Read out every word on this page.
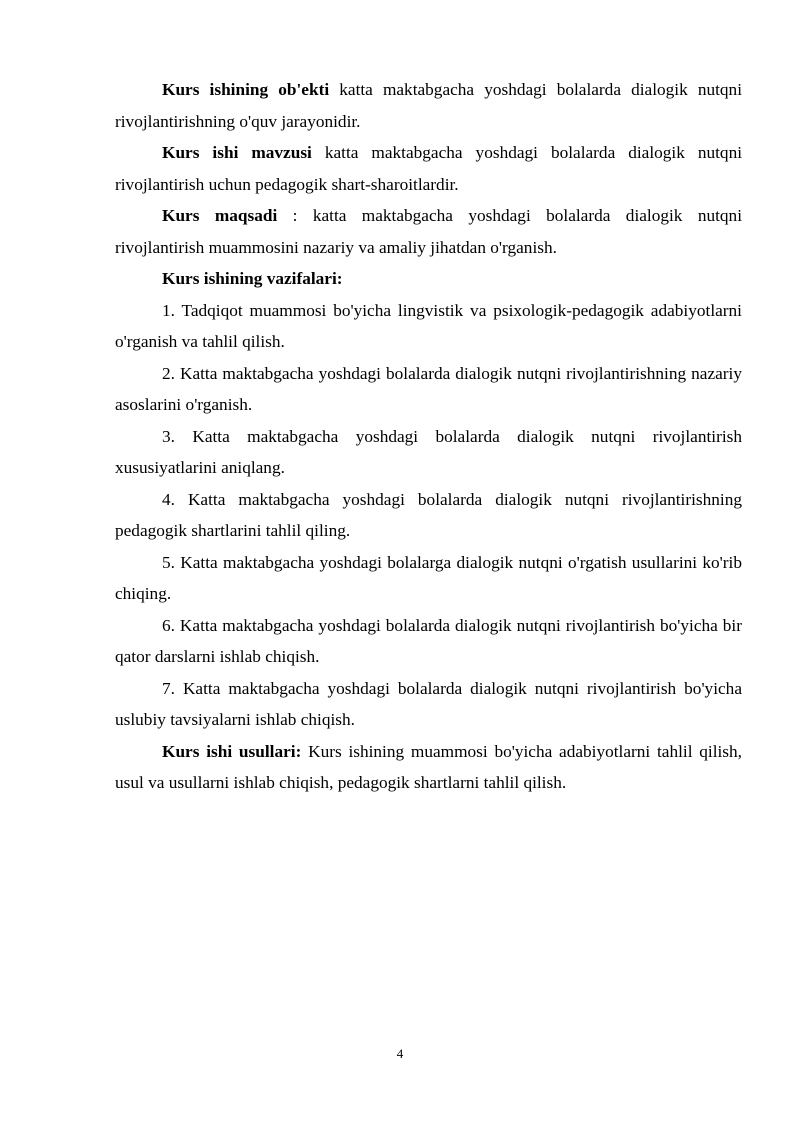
Kurs ishining ob'ekti katta maktabgacha yoshdagi bolalarda dialogik nutqni rivojlantirishning o'quv jarayonidir.

Kurs ishi mavzusi katta maktabgacha yoshdagi bolalarda dialogik nutqni rivojlantirish uchun pedagogik shart-sharoitlardir.

Kurs maqsadi : katta maktabgacha yoshdagi bolalarda dialogik nutqni rivojlantirish muammosini nazariy va amaliy jihatdan o'rganish.

Kurs ishining vazifalari:

1. Tadqiqot muammosi bo'yicha lingvistik va psixologik-pedagogik adabiyotlarni o'rganish va tahlil qilish.

2. Katta maktabgacha yoshdagi bolalarda dialogik nutqni rivojlantirishning nazariy asoslarini o'rganish.

3. Katta maktabgacha yoshdagi bolalarda dialogik nutqni rivojlantirish xususiyatlarini aniqlang.

4. Katta maktabgacha yoshdagi bolalarda dialogik nutqni rivojlantirishning pedagogik shartlarini tahlil qiling.

5. Katta maktabgacha yoshdagi bolalarga dialogik nutqni o'rgatish usullarini ko'rib chiqing.

6. Katta maktabgacha yoshdagi bolalarda dialogik nutqni rivojlantirish bo'yicha bir qator darslarni ishlab chiqish.

7. Katta maktabgacha yoshdagi bolalarda dialogik nutqni rivojlantirish bo'yicha uslubiy tavsiyalarni ishlab chiqish.

Kurs ishi usullari: Kurs ishining muammosi bo'yicha adabiyotlarni tahlil qilish, usul va usullarni ishlab chiqish, pedagogik shartlarni tahlil qilish.

4
